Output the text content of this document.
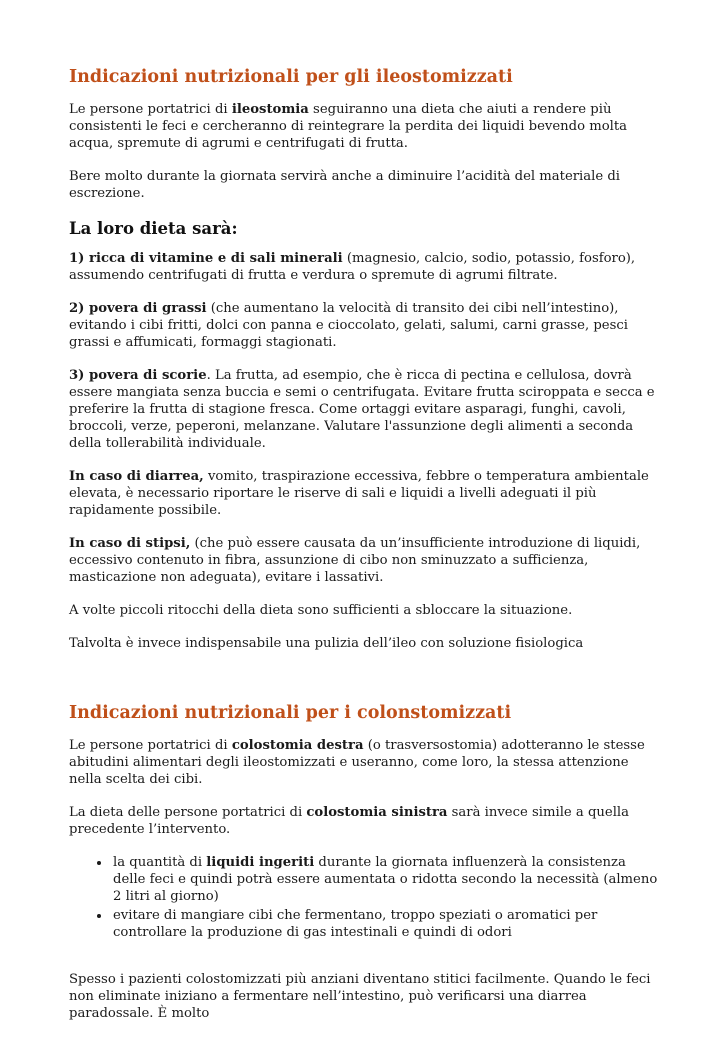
Indicazioni nutrizionali per gli ileostomizzati

Le persone portatrici di ileostomia seguiranno una dieta che aiuti a rendere più consistenti le feci e cercheranno di reintegrare la perdita dei liquidi bevendo molta acqua, spremute di agrumi e centrifugati di frutta.

Bere molto durante la giornata servirà anche a diminuire l’acidità del materiale di escrezione.

La loro dieta sarà:

1) ricca di vitamine e di sali minerali (magnesio, calcio, sodio, potassio, fosforo), assumendo centrifugati di frutta e verdura o spremute di agrumi filtrate.

2) povera di grassi (che aumentano la velocità di transito dei cibi nell’intestino), evitando i cibi fritti, dolci con panna e cioccolato, gelati, salumi, carni grasse, pesci grassi e affumicati, formaggi stagionati.

3) povera di scorie. La frutta, ad esempio, che è ricca di pectina e cellulosa, dovrà essere mangiata senza buccia e semi o centrifugata. Evitare frutta sciroppata e secca e preferire la frutta di stagione fresca. Come ortaggi evitare asparagi, funghi, cavoli, broccoli, verze, peperoni, melanzane. Valutare l'assunzione degli alimenti a seconda della tollerabilità individuale.

In caso di diarrea, vomito, traspirazione eccessiva, febbre o temperatura ambientale elevata, è necessario riportare le riserve di sali e liquidi a livelli adeguati il più rapidamente possibile.

In caso di stipsi, (che può essere causata da un’insufficiente introduzione di liquidi, eccessivo contenuto in fibra, assunzione di cibo non sminuzzato a sufficienza, masticazione non adeguata), evitare i lassativi.

A volte piccoli ritocchi della dieta sono sufficienti a sbloccare la situazione.

Talvolta è invece indispensabile una pulizia dell’ileo con soluzione fisiologica

Indicazioni nutrizionali per i colonstomizzati

Le persone portatrici di colostomia destra (o trasversostomia) adotteranno le stesse abitudini alimentari degli ileostomizzati e useranno, come loro, la stessa attenzione nella scelta dei cibi.

La dieta delle persone portatrici di colostomia sinistra sarà invece simile a quella precedente l’intervento.

• la quantità di liquidi ingeriti durante la giornata influenzerà la consistenza delle feci e quindi potrà essere aumentata o ridotta secondo la necessità (almeno 2 litri al giorno)
• evitare di mangiare cibi che fermentano, troppo speziati o aromatici per controllare la produzione di gas intestinali e quindi di odori

Spesso i pazienti colostomizzati più anziani diventano stitici facilmente. Quando le feci non eliminate iniziano a fermentare nell’intestino, può verificarsi una diarrea paradossale. È molto
